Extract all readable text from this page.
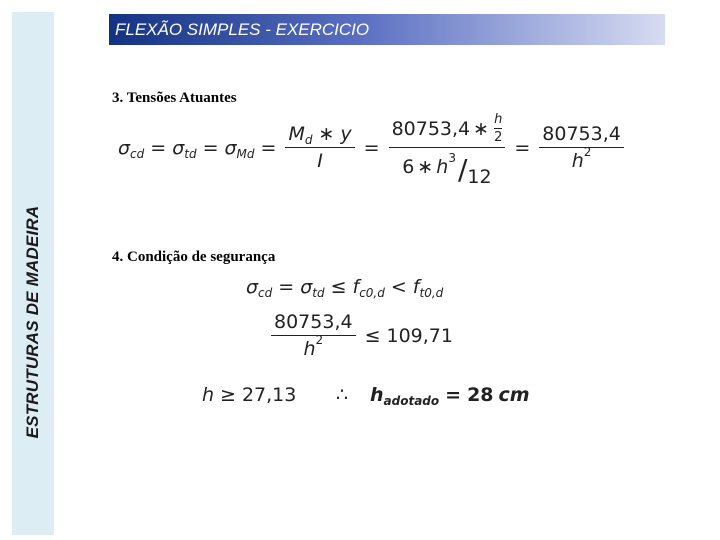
ESTRUTURAS DE MADEIRA
FLEXÃO SIMPLES - EXERCICIO
3. Tensões Atuantes
σ cd = σ td = σ $Md = \frac{\text{M d ∗ y}}{I} = 80753,4$ ∗ h
2
6 ∗ h $3 / 12 = \frac{80753,4}{h 2}$
4. Condição de segurança
σ cd = σ td ≤ f c0,d < f t0,d
$\frac{80753,4}{h 2} \le 109,71$
h ≥ 27,13 ∴ h adotado = 28 cm
